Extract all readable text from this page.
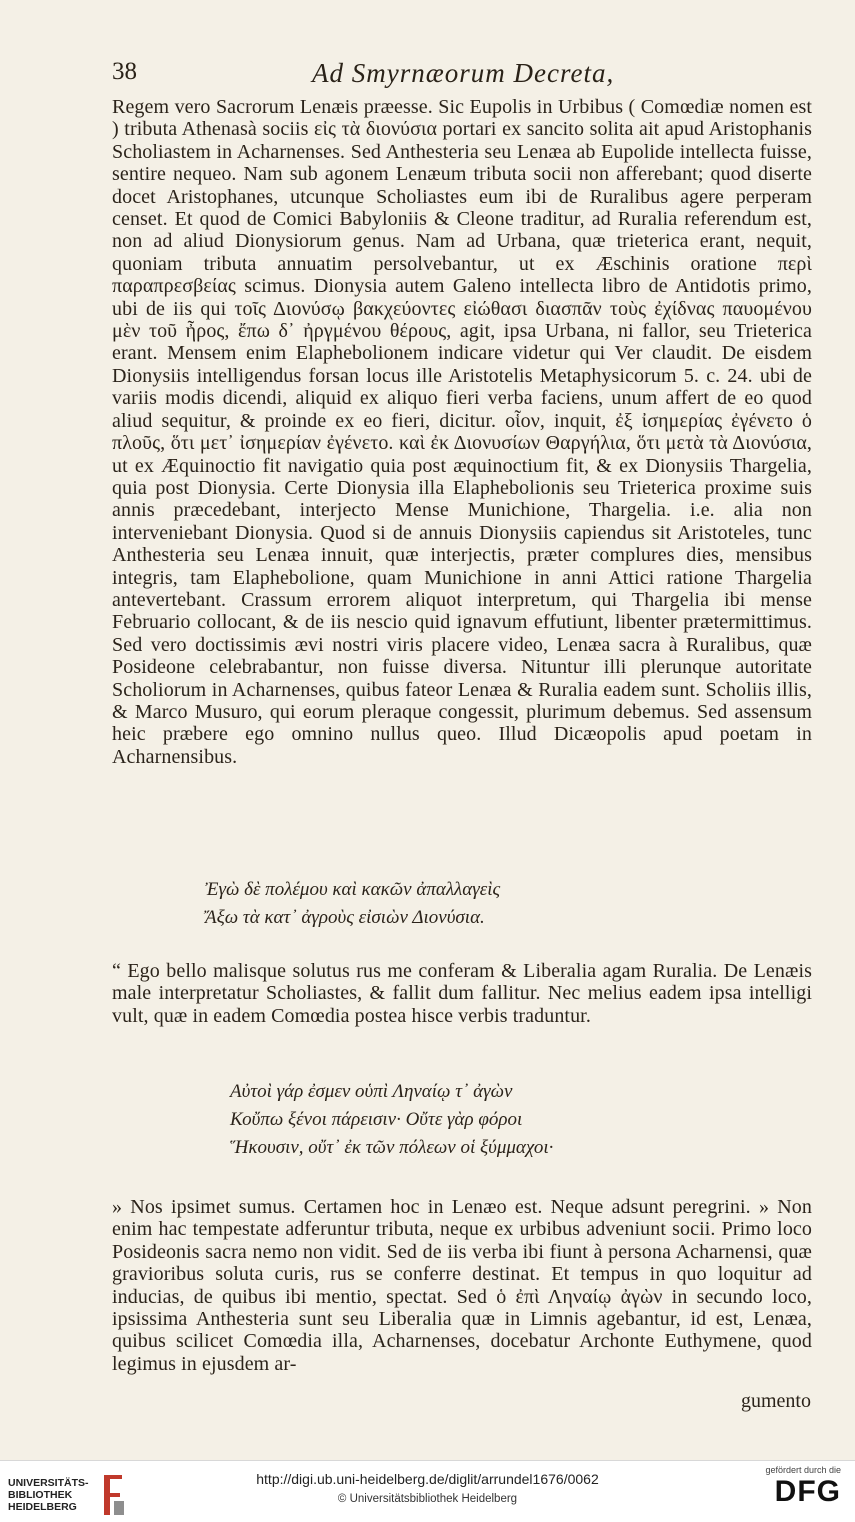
38	Ad Smyrnæorum Decreta,

Regem vero Sacrorum Lenæis præesse. Sic Eupolis in Urbibus ( Comœdiæ nomen est ) tributa Athenasà sociis εἰς τὰ διονύσια portari ex sancito solita ait apud Aristophanis Scholiastem in Acharnenses. Sed Anthesteria seu Lenæa ab Eupolide intellecta fuisse, sentire nequeo. Nam sub agonem Lenæum tributa socii non afferebant; quod diserte docet Aristophanes, utcunque Scholiastes eum ibi de Ruralibus agere perperam censet. Et quod de Comici Babyloniis & Cleone traditur, ad Ruralia referendum est, non ad aliud Dionysiorum genus. Nam ad Urbana, quæ trieterica erant, nequit, quoniam tributa annuatim persolvebantur, ut ex Æschinis oratione περὶ παραπρεσβείας scimus. Dionysia autem Galeno intellecta libro de Antidotis primo, ubi de iis qui τοῖς Διονύσῳ βακχεύοντες εἰώθασι διασπᾶν τοὺς ἐχίδνας παυομένου μὲν τοῦ ἦρος, ἔπω δ᾽ ἠργμένου θέρους, agit, ipsa Urbana, ni fallor, seu Trieterica erant. Mensem enim Elaphebolionem indicare videtur qui Ver claudit. De eisdem Dionysiis intelligendus forsan locus ille Aristotelis Metaphysicorum 5. c. 24. ubi de variis modis dicendi, aliquid ex aliquo fieri verba faciens, unum affert de eo quod aliud sequitur, & proinde ex eo fieri, dicitur. οἷον, inquit, ἐξ ἰσημερίας ἐγένετο ὁ πλοῦς, ὅτι μετ᾽ ἰσημερίαν ἐγένετο. καὶ ἐκ Διονυσίων Θαργήλια, ὅτι μετὰ τὰ Διονύσια, ut ex Æquinoctio fit navigatio quia post æquinoctium fit, & ex Dionysiis Thargelia, quia post Dionysia. Certe Dionysia illa Elaphebolionis seu Trieterica proxime suis annis præcedebant, interjecto Mense Munichione, Thargelia. i.e. alia non interveniebant Dionysia. Quod si de annuis Dionysiis capiendus sit Aristoteles, tunc Anthesteria seu Lenæa innuit, quæ interjectis, præter complures dies, mensibus integris, tam Elaphebolione, quam Munichione in anni Attici ratione Thargelia antevertebant. Crassum errorem aliquot interpretum, qui Thargelia ibi mense Februario collocant, & de iis nescio quid ignavum effutiunt, libenter prætermittimus. Sed vero doctissimis ævi nostri viris placere video, Lenæa sacra à Ruralibus, quæ Posideone celebrabantur, non fuisse diversa. Nituntur illi plerunque autoritate Scholiorum in Acharnenses, quibus fateor Lenæa & Ruralia eadem sunt. Scholiis illis, & Marco Musuro, qui eorum pleraque congessit, plurimum debemus. Sed assensum heic præbere ego omnino nullus queo. Illud Dicæopolis apud poetam in Acharnensibus.

Ἐγὼ δὲ πολέμου καὶ κακῶν ἀπαλλαγεὶς
Ἄξω τὰ κατ᾽ ἀγροὺς εἰσιὼν Διονύσια.

“ Ego bello malisque solutus rus me conferam & Liberalia agam Ruralia. De Lenæis male interpretatur Scholiastes, & fallit dum fallitur. Nec melius eadem ipsa intelligi vult, quæ in eadem Comœdia postea hisce verbis traduntur.

Αὐτοὶ γάρ ἐσμεν οὑπὶ Ληναίῳ τ᾽ ἀγὼν
Κοὔπω ξένοι πάρεισιν· Οὔτε γὰρ φόροι
Ἥκουσιν, οὔτ᾽ ἐκ τῶν πόλεων οἱ ξύμμαχοι·

» Nos ipsimet sumus. Certamen hoc in Lenæo est. Neque adsunt peregrini. » Non enim hac tempestate adferuntur tributa, neque ex urbibus adveniunt socii. Primo loco Posideonis sacra nemo non vidit. Sed de iis verba ibi fiunt à persona Acharnensi, quæ gravioribus soluta curis, rus se conferre destinat. Et tempus in quo loquitur ad inducias, de quibus ibi mentio, spectat. Sed ὁ ἐπὶ Ληναίῳ ἀγὼν in secundo loco, ipsissima Anthesteria sunt seu Liberalia quæ in Limnis agebantur, id est, Lenæa, quibus scilicet Comœdia illa, Acharnenses, docebatur Archonte Euthymene, quod legimus in ejusdem ar-

gumento
UNIVERSITÄTS-
BIBLIOTHEK
HEIDELBERG
http://digi.ub.uni-heidelberg.de/diglit/arrundel1676/0062
© Universitätsbibliothek Heidelberg
gefördert durch die
DFG
